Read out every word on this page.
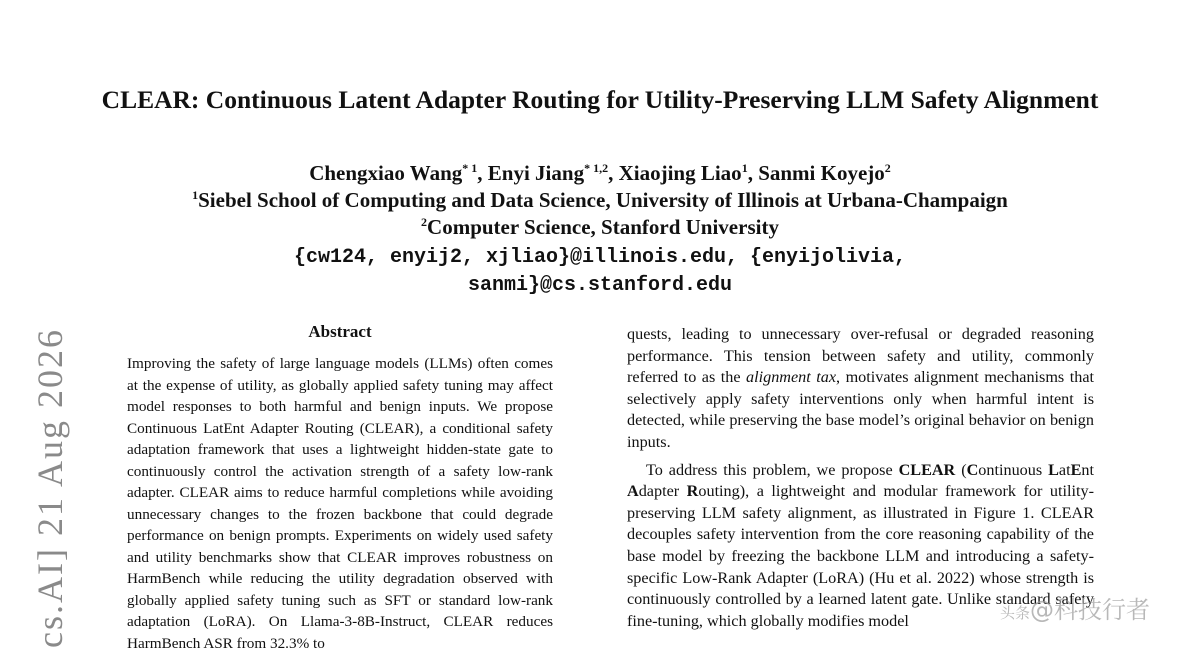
CLEAR: Continuous Latent Adapter Routing for Utility-Preserving LLM Safety Alignment
Chengxiao Wang$^{* 1}$, Enyi Jiang$^{* 1,2}$, Xiaojing Liao$^1$, Sanmi Koyejo$^2$
$^1$Siebel School of Computing and Data Science, University of Illinois at Urbana-Champaign
$^2$Computer Science, Stanford University
{cw124, enyij2, xjliao}@illinois.edu, {enyijolivia,
sanmi}@cs.stanford.edu
cs.AI] 21 Aug 2026	Abstract

Improving the safety of large language models (LLMs) often comes at the expense of utility, as globally applied safety tuning may affect model responses to both harmful and benign inputs. We propose Continuous LatEnt Adapter Routing (CLEAR), a conditional safety adaptation framework that uses a lightweight hidden-state gate to continuously control the activation strength of a safety low-rank adapter. CLEAR aims to reduce harmful completions while avoiding unnecessary changes to the frozen backbone that could degrade performance on benign prompts. Experiments on widely used safety and utility benchmarks show that CLEAR improves robustness on HarmBench while reducing the utility degradation observed with globally applied safety tuning such as SFT or standard low-rank adaptation (LoRA). On Llama-3-8B-Instruct, CLEAR reduces HarmBench ASR from 32.3% to

quests, leading to unnecessary over-refusal or degraded reasoning performance. This tension between safety and utility, commonly referred to as the alignment tax, motivates alignment mechanisms that selectively apply safety interventions only when harmful intent is detected, while preserving the base model’s original behavior on benign inputs.

To address this problem, we propose CLEAR (Continuous LatEnt Adapter Routing), a lightweight and modular framework for utility-preserving LLM safety alignment, as illustrated in Figure 1. CLEAR decouples safety intervention from the core reasoning capability of the base model by freezing the backbone LLM and introducing a safety-specific Low-Rank Adapter (LoRA) (Hu et al. 2022) whose strength is continuously controlled by a learned latent gate. Unlike standard safety fine-tuning, which globally modifies model	头条@科技行者
